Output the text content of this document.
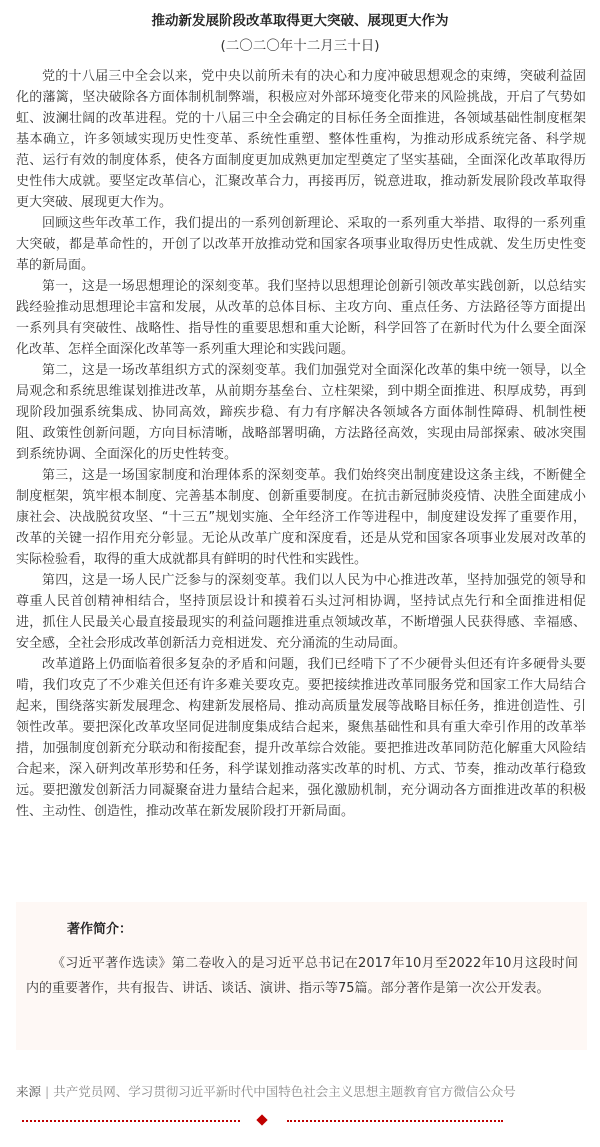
推动新发展阶段改革取得更大突破、展现更大作为
(二〇二〇年十二月三十日)

党的十八届三中全会以来，党中央以前所未有的决心和力度冲破思想观念的束缚，突破利益固化的藩篱，坚决破除各方面体制机制弊端，积极应对外部环境变化带来的风险挑战，开启了气势如虹、波澜壮阔的改革进程。党的十八届三中全会确定的目标任务全面推进，各领域基础性制度框架基本确立，许多领域实现历史性变革、系统性重塑、整体性重构，为推动形成系统完备、科学规范、运行有效的制度体系，使各方面制度更加成熟更加定型奠定了坚实基础，全面深化改革取得历史性伟大成就。要坚定改革信心，汇聚改革合力，再接再厉，锐意进取，推动新发展阶段改革取得更大突破、展现更大作为。

回顾这些年改革工作，我们提出的一系列创新理论、采取的一系列重大举措、取得的一系列重大突破，都是革命性的，开创了以改革开放推动党和国家各项事业取得历史性成就、发生历史性变革的新局面。

第一，这是一场思想理论的深刻变革。我们坚持以思想理论创新引领改革实践创新，以总结实践经验推动思想理论丰富和发展，从改革的总体目标、主攻方向、重点任务、方法路径等方面提出一系列具有突破性、战略性、指导性的重要思想和重大论断，科学回答了在新时代为什么要全面深化改革、怎样全面深化改革等一系列重大理论和实践问题。

第二，这是一场改革组织方式的深刻变革。我们加强党对全面深化改革的集中统一领导，以全局观念和系统思维谋划推进改革，从前期夯基垒台、立柱架梁，到中期全面推进、积厚成势，再到现阶段加强系统集成、协同高效，蹄疾步稳、有力有序解决各领域各方面体制性障碍、机制性梗阻、政策性创新问题，方向目标清晰，战略部署明确，方法路径高效，实现由局部探索、破冰突围到系统协调、全面深化的历史性转变。

第三，这是一场国家制度和治理体系的深刻变革。我们始终突出制度建设这条主线，不断健全制度框架，筑牢根本制度、完善基本制度、创新重要制度。在抗击新冠肺炎疫情、决胜全面建成小康社会、决战脱贫攻坚、“十三五”规划实施、全年经济工作等进程中，制度建设发挥了重要作用，改革的关键一招作用充分彰显。无论从改革广度和深度看，还是从党和国家各项事业发展对改革的实际检验看，取得的重大成就都具有鲜明的时代性和实践性。

第四，这是一场人民广泛参与的深刻变革。我们以人民为中心推进改革，坚持加强党的领导和尊重人民首创精神相结合，坚持顶层设计和摸着石头过河相协调，坚持试点先行和全面推进相促进，抓住人民最关心最直接最现实的利益问题推进重点领域改革，不断增强人民获得感、幸福感、安全感，全社会形成改革创新活力竞相迸发、充分涌流的生动局面。

改革道路上仍面临着很多复杂的矛盾和问题，我们已经啃下了不少硬骨头但还有许多硬骨头要啃，我们攻克了不少难关但还有许多难关要攻克。要把接续推进改革同服务党和国家工作大局结合起来，围绕落实新发展理念、构建新发展格局、推动高质量发展等战略目标任务，推进创造性、引领性改革。要把深化改革攻坚同促进制度集成结合起来，聚焦基础性和具有重大牵引作用的改革举措，加强制度创新充分联动和衔接配套，提升改革综合效能。要把推进改革同防范化解重大风险结合起来，深入研判改革形势和任务，科学谋划推动落实改革的时机、方式、节奏，推动改革行稳致远。要把激发创新活力同凝聚奋进力量结合起来，强化激励机制，充分调动各方面推进改革的积极性、主动性、创造性，推动改革在新发展阶段打开新局面。

著作简介：

《习近平著作选读》第二卷收入的是习近平总书记在2017年10月至2022年10月这段时间内的重要著作，共有报告、讲话、谈话、演讲、指示等75篇。部分著作是第一次公开发表。

来源 | 共产党员网、学习贯彻习近平新时代中国特色社会主义思想主题教育官方微信公众号
